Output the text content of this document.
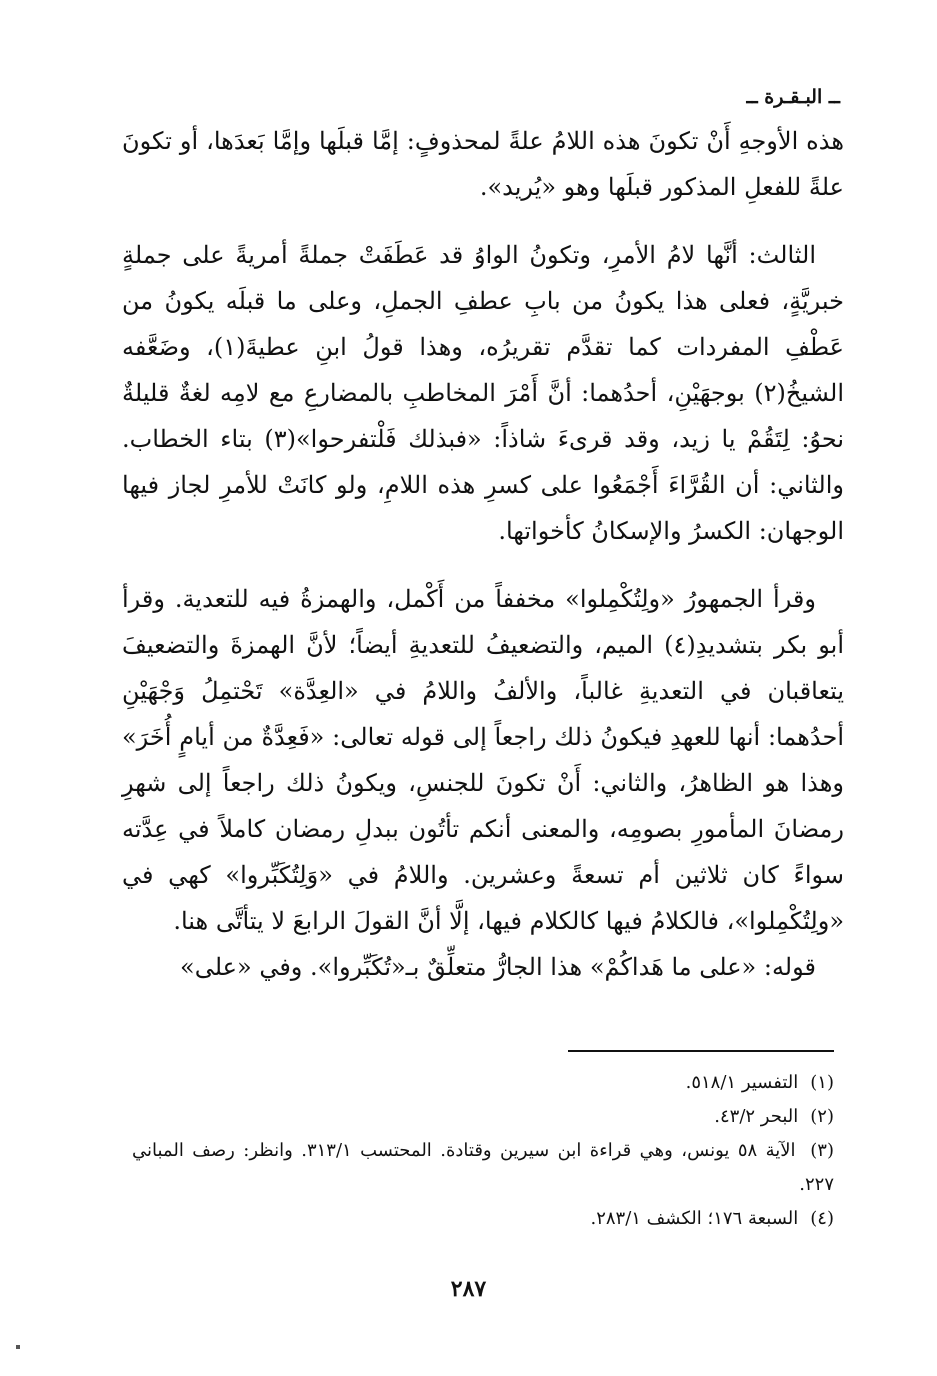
ــ البـقـرة ــ

هذه الأوجهِ أَنْ تكونَ هذه اللامُ علةً لمحذوفٍ: إمَّا قبلَها وإمَّا بَعدَها، أو تكونَ علةً للفعلِ المذكور قبلَها وهو «يُريد».

الثالث: أنَّها لامُ الأمرِ، وتكونُ الواوُ قد عَطَفَتْ جملةً أمريةً على جملةٍ خبريَّةٍ، فعلى هذا يكونُ من بابِ عطفِ الجملِ، وعلى ما قبلَه يكونُ من عَطْفِ المفردات كما تقدَّم تقريرُه، وهذا قولُ ابنِ عطيةَ(١)، وضَعَّفه الشيخُ(٢) بوجهَيْنِ، أحدُهما: أنَّ أَمْرَ المخاطبِ بالمضارعِ مع لامِه لغةٌ قليلةٌ نحوُ: لِتَقُمْ يا زيد، وقد قرىءَ شاذاً: «فبذلك فَلْتفرحوا»(٣) بتاء الخطاب. والثاني: أن القُرَّاءَ أَجْمَعُوا على كسرِ هذه اللامِ، ولو كانَتْ للأمرِ لجاز فيها الوجهان: الكسرُ والإسكانُ كأخواتها.

وقرأ الجمهورُ «ولِتُكْمِلوا» مخففاً من أَكْمل، والهمزةُ فيه للتعدية. وقرأ أبو بكر بتشديدِ(٤) الميم، والتضعيفُ للتعديةِ أيضاً؛ لأنَّ الهمزةَ والتضعيفَ يتعاقبان في التعديةِ غالباً، والألفُ واللامُ في «العِدَّة» تَحْتمِلُ وَجْهَيْنِ أحدُهما: أنها للعهدِ فيكونُ ذلك راجعاً إلى قوله تعالى: «فَعِدَّةٌ من أيامٍ أُخَرَ» وهذا هو الظاهرُ، والثاني: أَنْ تكونَ للجنسِ، ويكونُ ذلك راجعاً إلى شهرِ رمضانَ المأمورِ بصومِه، والمعنى أنكم تأتُون ببدلِ رمضان كاملاً في عِدَّته سواءً كان ثلاثين أم تسعةً وعشرين. واللامُ في «وَلِتُكَبِّروا» كهي في «ولِتُكْمِلوا»، فالكلامُ فيها كالكلام فيها، إلَّا أنَّ القولَ الرابعَ لا يتأتَّى هنا.

قوله: «على ما هَداكُمْ» هذا الجارُّ متعلِّقٌ بـ«تُكَبِّروا». وفي «على»

(١) التفسير ٥١٨/١.

(٢) البحر ٤٣/٢.

(٣) الآية ٥٨ يونس، وهي قراءة ابن سيرين وقتادة. المحتسب ٣١٣/١. وانظر: رصف المباني ٢٢٧.

(٤) السبعة ١٧٦؛ الكشف ٢٨٣/١.

٢٨٧
